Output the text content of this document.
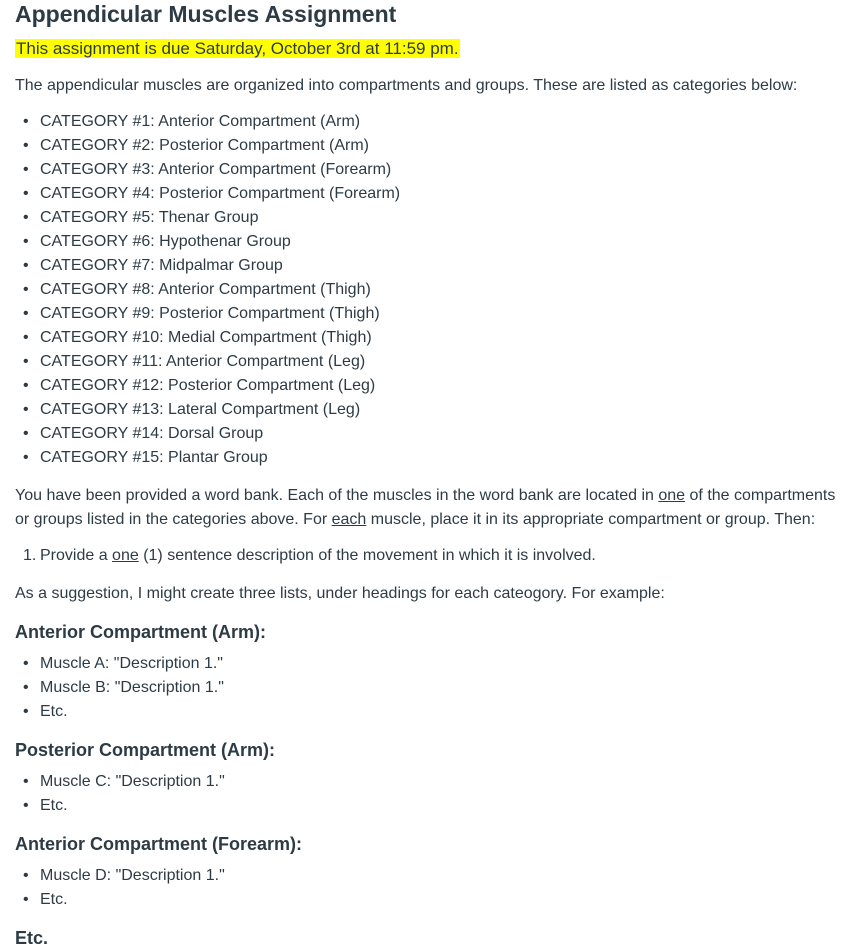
Appendicular Muscles Assignment
This assignment is due Saturday, October 3rd at 11:59 pm.

The appendicular muscles are organized into compartments and groups. These are listed as categories below:

• CATEGORY #1: Anterior Compartment (Arm)
• CATEGORY #2: Posterior Compartment (Arm)
• CATEGORY #3: Anterior Compartment (Forearm)
• CATEGORY #4: Posterior Compartment (Forearm)
• CATEGORY #5: Thenar Group
• CATEGORY #6: Hypothenar Group
• CATEGORY #7: Midpalmar Group
• CATEGORY #8: Anterior Compartment (Thigh)
• CATEGORY #9: Posterior Compartment (Thigh)
• CATEGORY #10: Medial Compartment (Thigh)
• CATEGORY #11: Anterior Compartment (Leg)
• CATEGORY #12: Posterior Compartment (Leg)
• CATEGORY #13: Lateral Compartment (Leg)
• CATEGORY #14: Dorsal Group
• CATEGORY #15: Plantar Group

You have been provided a word bank. Each of the muscles in the word bank are located in one of the compartments or groups listed in the categories above. For each muscle, place it in its appropriate compartment or group. Then:

1. Provide a one (1) sentence description of the movement in which it is involved.

As a suggestion, I might create three lists, under headings for each cateogory. For example:

Anterior Compartment (Arm):
• Muscle A: "Description 1."
• Muscle B: "Description 1."
• Etc.
Posterior Compartment (Arm):
• Muscle C: "Description 1."
• Etc.
Anterior Compartment (Forearm):
• Muscle D: "Description 1."
• Etc.
Etc.
